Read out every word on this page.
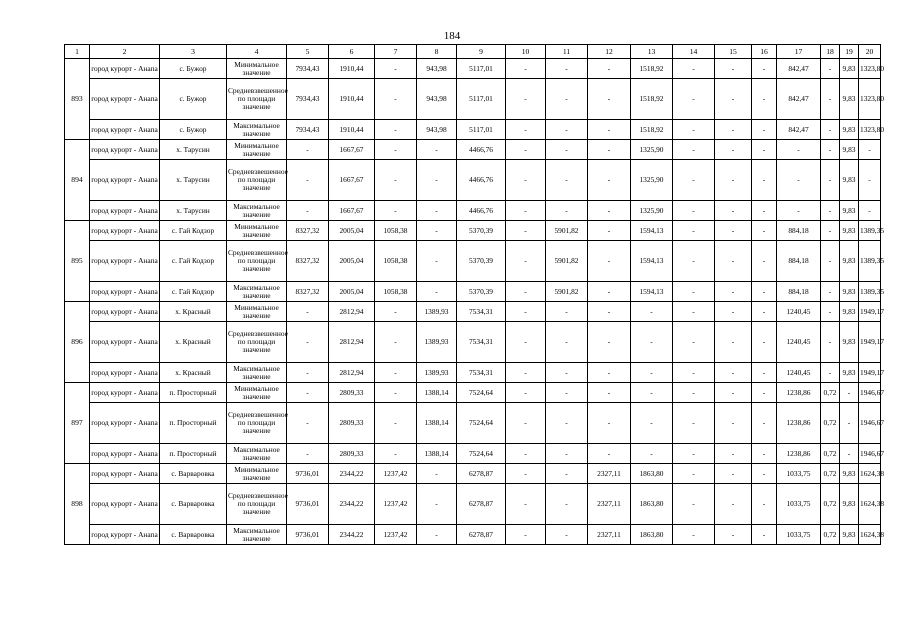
184
1	2	3	4	5	6	7	8	9	10	11	12	13	14	15	16	17	18	19	20
893	город курорт - Анапа	с. Бужор	Минимальное значение	7934,43	1910,44	-	943,98	5117,01	-	-	-	1518,92	-	-	-	842,47	-	9,83	1323,80
	город курорт - Анапа	с. Бужор	Средневзвешенное по площади значение	7934,43	1910,44	-	943,98	5117,01	-	-	-	1518,92	-	-	-	842,47	-	9,83	1323,80
	город курорт - Анапа	с. Бужор	Максимальное значение	7934,43	1910,44	-	943,98	5117,01	-	-	-	1518,92	-	-	-	842,47	-	9,83	1323,80
894	город курорт - Анапа	х. Тарусин	Минимальное значение	-	1667,67	-	-	4466,76	-	-	-	1325,90	-	-	-	-	-	9,83	-
	город курорт - Анапа	х. Тарусин	Средневзвешенное по площади значение	-	1667,67	-	-	4466,76	-	-	-	1325,90	-	-	-	-	-	9,83	-
	город курорт - Анапа	х. Тарусин	Максимальное значение	-	1667,67	-	-	4466,76	-	-	-	1325,90	-	-	-	-	-	9,83	-
895	город курорт - Анапа	с. Гай Кодзор	Минимальное значение	8327,32	2005,04	1058,38	-	5370,39	-	5901,82	-	1594,13	-	-	-	884,18	-	9,83	1389,35
	город курорт - Анапа	с. Гай Кодзор	Средневзвешенное по площади значение	8327,32	2005,04	1058,38	-	5370,39	-	5901,82	-	1594,13	-	-	-	884,18	-	9,83	1389,35
	город курорт - Анапа	с. Гай Кодзор	Максимальное значение	8327,32	2005,04	1058,38	-	5370,39	-	5901,82	-	1594,13	-	-	-	884,18	-	9,83	1389,35
896	город курорт - Анапа	х. Красный	Минимальное значение	-	2812,94	-	1389,93	7534,31	-	-	-	-	-	-	-	1240,45	-	9,83	1949,17
	город курорт - Анапа	х. Красный	Средневзвешенное по площади значение	-	2812,94	-	1389,93	7534,31	-	-	-	-	-	-	-	1240,45	-	9,83	1949,17
	город курорт - Анапа	х. Красный	Максимальное значение	-	2812,94	-	1389,93	7534,31	-	-	-	-	-	-	-	1240,45	-	9,83	1949,17
897	город курорт - Анапа	п. Просторный	Минимальное значение	-	2809,33	-	1388,14	7524,64	-	-	-	-	-	-	-	1238,86	0,72	-	1946,67
	город курорт - Анапа	п. Просторный	Средневзвешенное по площади значение	-	2809,33	-	1388,14	7524,64	-	-	-	-	-	-	-	1238,86	0,72	-	1946,67
	город курорт - Анапа	п. Просторный	Максимальное значение	-	2809,33	-	1388,14	7524,64	-	-	-	-	-	-	-	1238,86	0,72	-	1946,67
898	город курорт - Анапа	с. Варваровка	Минимальное значение	9736,01	2344,22	1237,42	-	6278,87	-	-	2327,11	1863,80	-	-	-	1033,75	0,72	9,83	1624,38
	город курорт - Анапа	с. Варваровка	Средневзвешенное по площади значение	9736,01	2344,22	1237,42	-	6278,87	-	-	2327,11	1863,80	-	-	-	1033,75	0,72	9,83	1624,38
	город курорт - Анапа	с. Варваровка	Максимальное значение	9736,01	2344,22	1237,42	-	6278,87	-	-	2327,11	1863,80	-	-	-	1033,75	0,72	9,83	1624,38
